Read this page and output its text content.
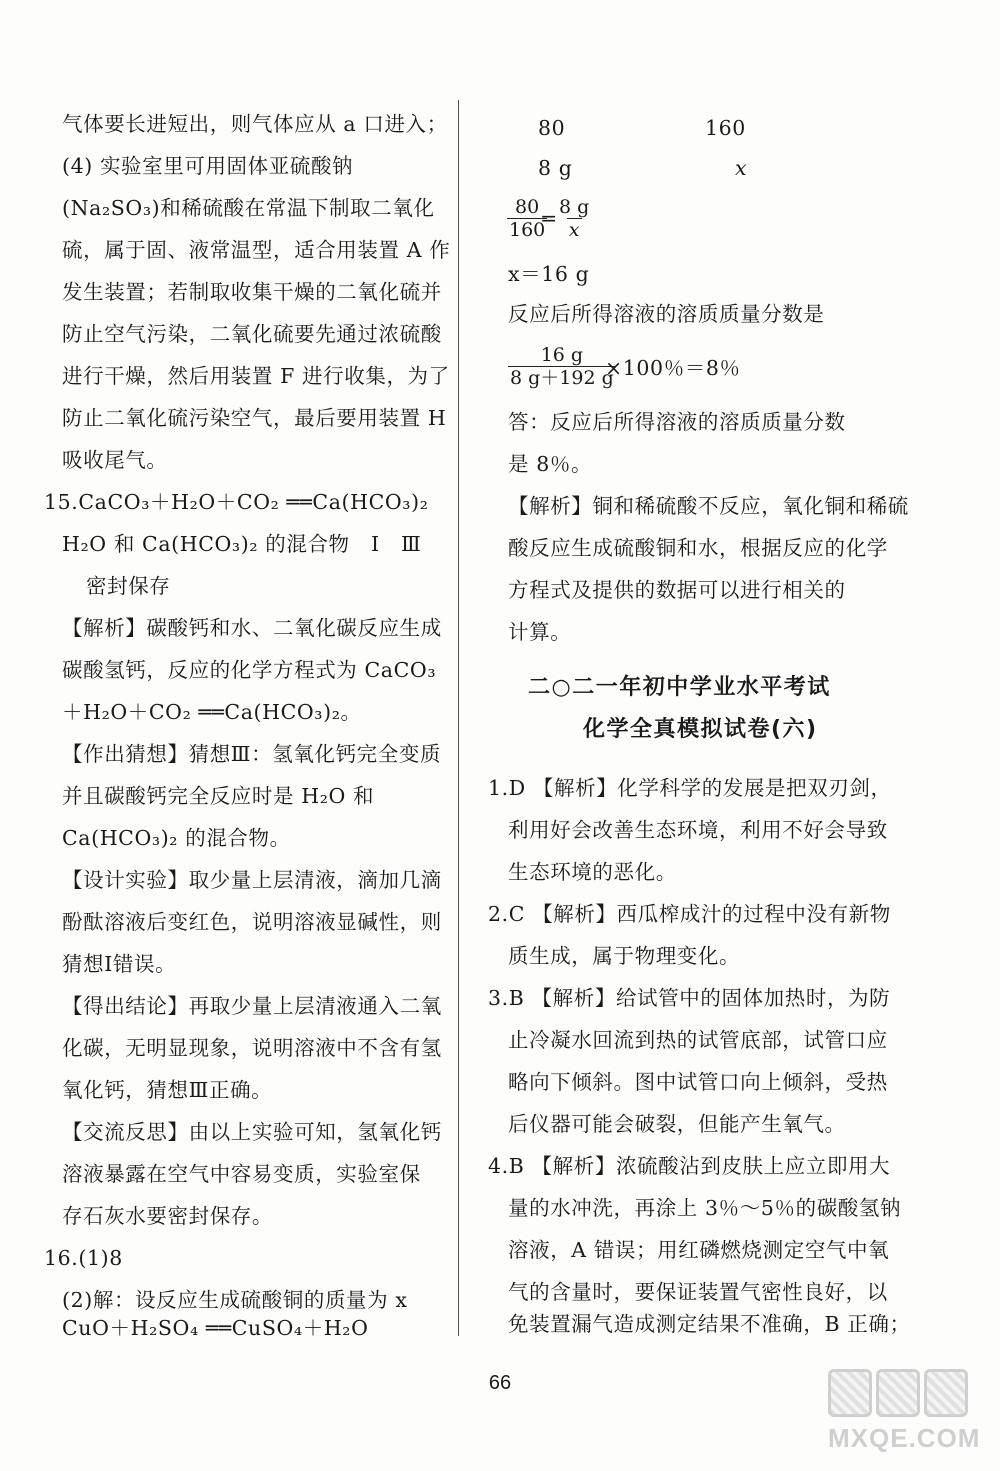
气体要长进短出，则气体应从 a 口进入；
(4) 实验室里可用固体亚硫酸钠
(Na₂SO₃)和稀硫酸在常温下制取二氧化
硫，属于固、液常温型，适合用装置 A 作
发生装置；若制取收集干燥的二氧化硫并
防止空气污染，二氧化硫要先通过浓硫酸
进行干燥，然后用装置 F 进行收集，为了
防止二氧化硫污染空气，最后要用装置 H
吸收尾气。
15.CaCO₃＋H₂O＋CO₂ ══Ca(HCO₃)₂
H₂O 和 Ca(HCO₃)₂ 的混合物   Ⅰ   Ⅲ
密封保存
【解析】碳酸钙和水、二氧化碳反应生成
碳酸氢钙，反应的化学方程式为 CaCO₃
＋H₂O＋CO₂ ══Ca(HCO₃)₂。
【作出猜想】猜想Ⅲ：氢氧化钙完全变质
并且碳酸钙完全反应时是 H₂O 和
Ca(HCO₃)₂ 的混合物。
【设计实验】取少量上层清液，滴加几滴
酚酞溶液后变红色，说明溶液显碱性，则
猜想Ⅰ错误。
【得出结论】再取少量上层清液通入二氧
化碳，无明显现象，说明溶液中不含有氢
氧化钙，猜想Ⅲ正确。
【交流反思】由以上实验可知，氢氧化钙
溶液暴露在空气中容易变质，实验室保
存石灰水要密封保存。
16.(1)8
(2)解：设反应生成硫酸铜的质量为 x
CuO＋H₂SO₄ ══CuSO₄＋H₂O
80	160
8 g	x
$\frac{80}{160}$
= $\frac{8 g}{x}$
x＝16 g
反应后所得溶液的溶质质量分数是
$\frac{16 g}{8 g+192 g}$
×100％＝8％
答：反应后所得溶液的溶质质量分数
是 8％。
【解析】铜和稀硫酸不反应，氧化铜和稀硫
酸反应生成硫酸铜和水，根据反应的化学
方程式及提供的数据可以进行相关的
计算。
二○二一年初中学业水平考试
化学全真模拟试卷(六)
1.D 【解析】化学科学的发展是把双刃剑，
利用好会改善生态环境，利用不好会导致
生态环境的恶化。
2.C 【解析】西瓜榨成汁的过程中没有新物
质生成，属于物理变化。
3.B 【解析】给试管中的固体加热时，为防
止冷凝水回流到热的试管底部，试管口应
略向下倾斜。图中试管口向上倾斜，受热
后仪器可能会破裂，但能产生氧气。
4.B 【解析】浓硫酸沾到皮肤上应立即用大
量的水冲洗，再涂上 3％～5％的碳酸氢钠
溶液，A 错误；用红磷燃烧测定空气中氧
气的含量时，要保证装置气密性良好，以
免装置漏气造成测定结果不准确，B 正确；
66
MXQE.COM
